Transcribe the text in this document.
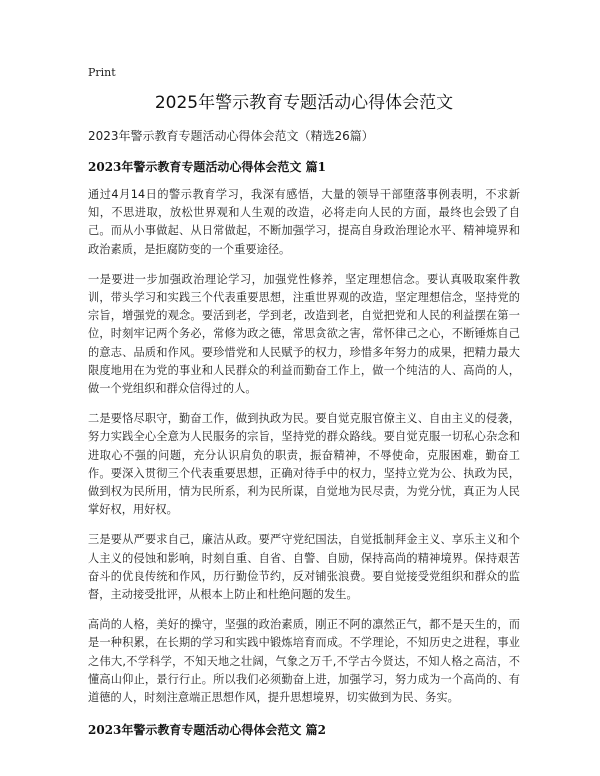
Print
2025年警示教育专题活动心得体会范文
2023年警示教育专题活动心得体会范文（精选26篇）
2023年警示教育专题活动心得体会范文 篇1

通过4月14日的警示教育学习，我深有感悟，大量的领导干部堕落事例表明，不求新知，不思进取，放松世界观和人生观的改造，必将走向人民的方面，最终也会毁了自己。而从小事做起、从日常做起，不断加强学习，提高自身政治理论水平、精神境界和政治素质，是拒腐防变的一个重要途径。

一是要进一步加强政治理论学习，加强党性修养，坚定理想信念。要认真吸取案件教训，带头学习和实践三个代表重要思想，注重世界观的改造，坚定理想信念，坚持党的宗旨，增强党的观念。要活到老，学到老，改造到老，自觉把党和人民的利益摆在第一位，时刻牢记两个务必，常修为政之德，常思贪欲之害，常怀律己之心，不断锤炼自己的意志、品质和作风。要珍惜党和人民赋予的权力，珍惜多年努力的成果，把精力最大限度地用在为党的事业和人民群众的利益而勤奋工作上，做一个纯洁的人、高尚的人，做一个党组织和群众信得过的人。

二是要恪尽职守，勤奋工作，做到执政为民。要自觉克服官僚主义、自由主义的侵袭，努力实践全心全意为人民服务的宗旨，坚持党的群众路线。要自觉克服一切私心杂念和进取心不强的问题，充分认识肩负的职责，振奋精神，不辱使命，克服困难，勤奋工作。要深入贯彻三个代表重要思想，正确对待手中的权力，坚持立党为公、执政为民，做到权为民所用，情为民所系，利为民所谋，自觉地为民尽责，为党分忧，真正为人民掌好权，用好权。

三是要从严要求自己，廉洁从政。要严守党纪国法，自觉抵制拜金主义、享乐主义和个人主义的侵蚀和影响，时刻自重、自省、自警、自励，保持高尚的精神境界。保持艰苦奋斗的优良传统和作风，历行勤俭节约，反对铺张浪费。要自觉接受党组织和群众的监督，主动接受批评，从根本上防止和杜绝问题的发生。

高尚的人格，美好的操守，坚强的政治素质，刚正不阿的凛然正气，都不是天生的，而是一种积累，在长期的学习和实践中锻炼培育而成。不学理论，不知历史之进程，事业之伟大,不学科学，不知天地之壮阔，气象之万千,不学古今贤达，不知人格之高洁，不懂高山仰止，景行行止。所以我们必须勤奋上进，加强学习，努力成为一个高尚的、有道德的人，时刻注意端正思想作风，提升思想境界，切实做到为民、务实。

2023年警示教育专题活动心得体会范文 篇2
